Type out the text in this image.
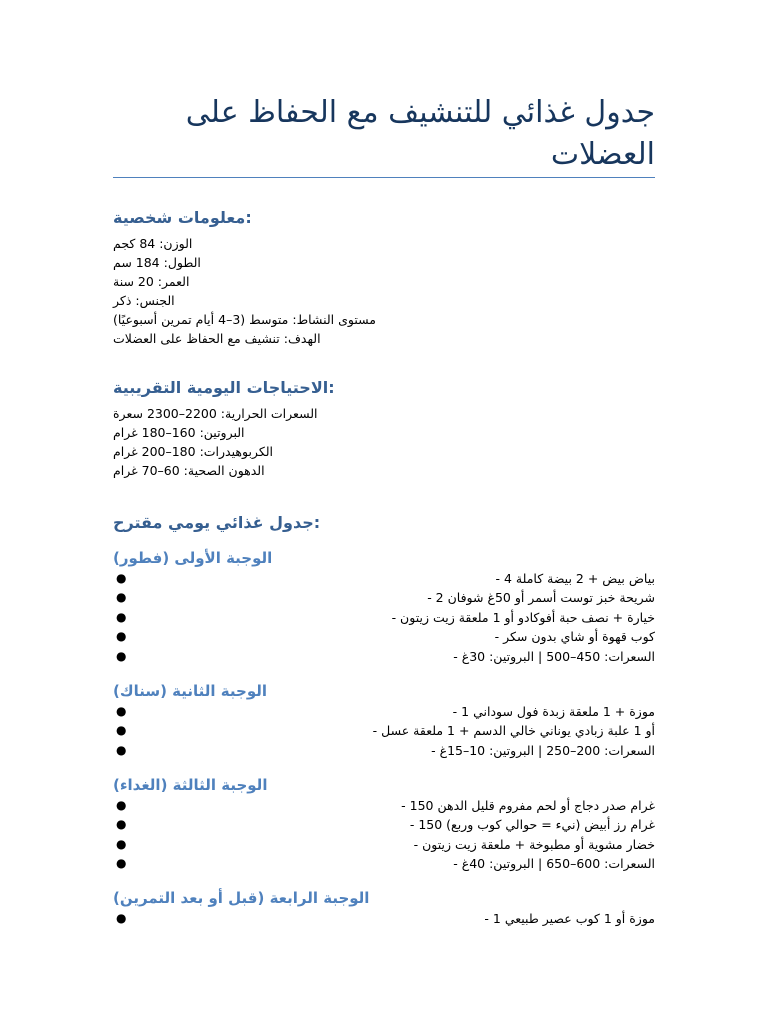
جدول غذائي للتنشيف مع الحفاظ على العضلات

:معلومات شخصية

الوزن: 84 كجم

الطول: 184 سم

العمر: 20 سنة

الجنس: ذكر

مستوى النشاط: متوسط (3–4 أيام تمرين أسبوعيًا)

الهدف: تنشيف مع الحفاظ على العضلات

:الاحتياجات اليومية التقريبية

السعرات الحرارية: 2200–2300 سعرة

البروتين: 160–180 غرام

الكربوهيدرات: 180–200 غرام

الدهون الصحية: 60–70 غرام

:جدول غذائي يومي مقترح

الوجبة الأولى (فطور)

●	بياض بيض + 2 بيضة كاملة 4 -
●	شريحة خبز توست أسمر أو 50غ شوفان 2 -
●	خيارة + نصف حبة أفوكادو أو 1 ملعقة زيت زيتون -
●	كوب قهوة أو شاي بدون سكر -
●	السعرات: 450–500 | البروتين: 30غ -

الوجبة الثانية (سناك)

●	موزة + 1 ملعقة زبدة فول سوداني 1 -
●	أو 1 علبة زبادي يوناني خالي الدسم + 1 ملعقة عسل -
●	السعرات: 200–250 | البروتين: 10–15غ -

الوجبة الثالثة (الغداء)

●	غرام صدر دجاج أو لحم مفروم قليل الدهن 150 -
●	غرام رز أبيض (نيء = حوالي كوب وربع) 150 -
●	خضار مشوية أو مطبوخة + ملعقة زيت زيتون -
●	السعرات: 600–650 | البروتين: 40غ -

الوجبة الرابعة (قبل أو بعد التمرين)

●	موزة أو 1 كوب عصير طبيعي 1 -
